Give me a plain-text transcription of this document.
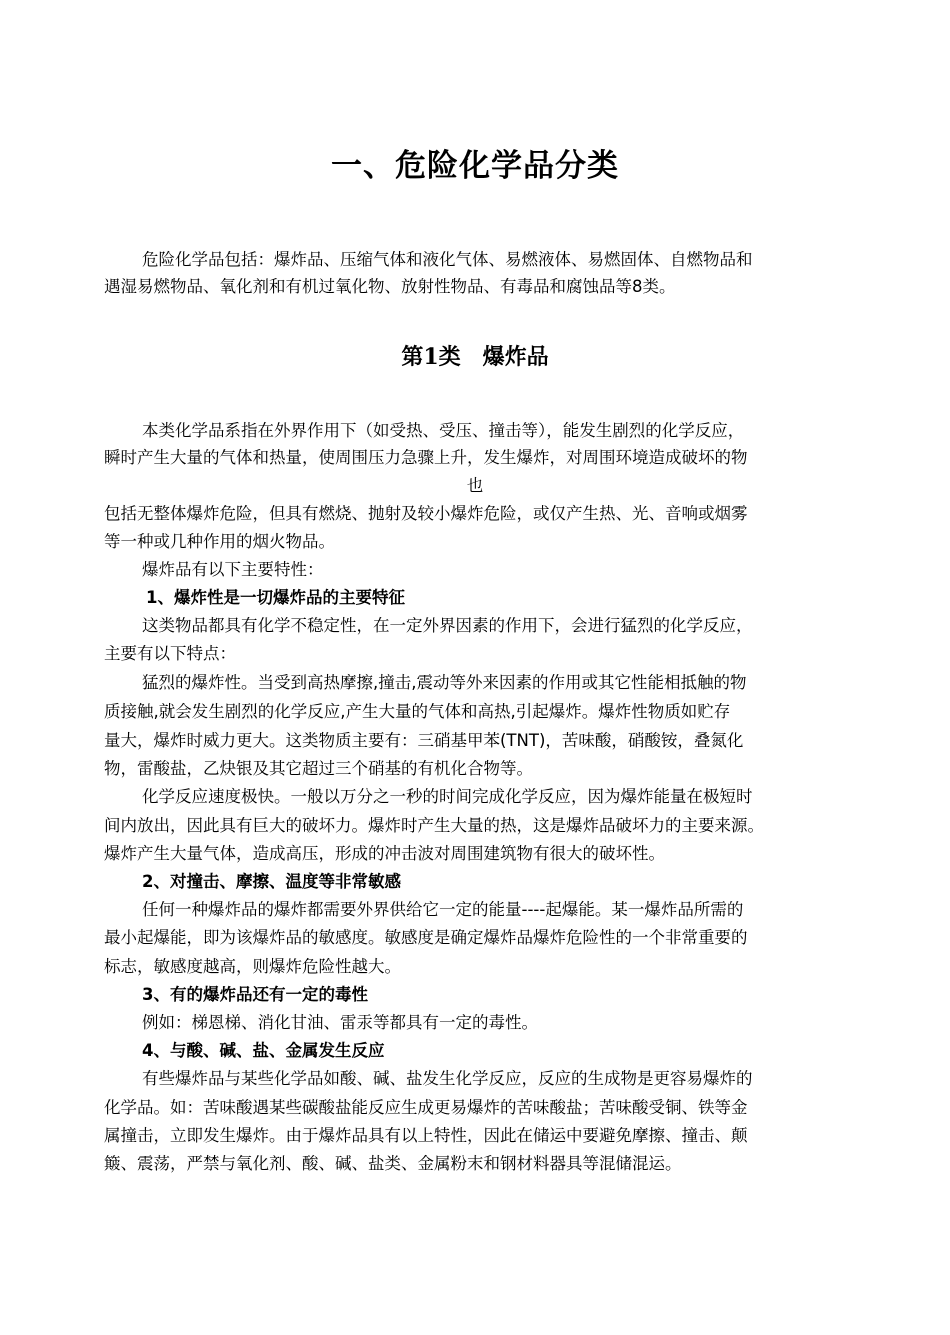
一、危险化学品分类
危险化学品包括：爆炸品、压缩气体和液化气体、易燃液体、易燃固体、自燃物品和
遇湿易燃物品、氧化剂和有机过氧化物、放射性物品、有毒品和腐蚀品等8类。
第1类　爆炸品
本类化学品系指在外界作用下（如受热、受压、撞击等），能发生剧烈的化学反应，
瞬时产生大量的气体和热量，使周围压力急骤上升，发生爆炸，对周围环境造成破坏的物
也
包括无整体爆炸危险，但具有燃烧、抛射及较小爆炸危险，或仅产生热、光、音响或烟雾
等一种或几种作用的烟火物品。
爆炸品有以下主要特性：
1、爆炸性是一切爆炸品的主要特征
这类物品都具有化学不稳定性，在一定外界因素的作用下，会进行猛烈的化学反应，
主要有以下特点：
猛烈的爆炸性。当受到高热摩擦,撞击,震动等外来因素的作用或其它性能相抵触的物
质接触,就会发生剧烈的化学反应,产生大量的气体和高热,引起爆炸。爆炸性物质如贮存
量大，爆炸时威力更大。这类物质主要有：三硝基甲苯(TNT)，苦味酸，硝酸铵，叠氮化
物，雷酸盐，乙炔银及其它超过三个硝基的有机化合物等。
化学反应速度极快。一般以万分之一秒的时间完成化学反应，因为爆炸能量在极短时
间内放出，因此具有巨大的破坏力。爆炸时产生大量的热，这是爆炸品破坏力的主要来源。
爆炸产生大量气体，造成高压，形成的冲击波对周围建筑物有很大的破坏性。
2、对撞击、摩擦、温度等非常敏感
任何一种爆炸品的爆炸都需要外界供给它一定的能量----起爆能。某一爆炸品所需的
最小起爆能，即为该爆炸品的敏感度。敏感度是确定爆炸品爆炸危险性的一个非常重要的
标志，敏感度越高，则爆炸危险性越大。
3、有的爆炸品还有一定的毒性
例如：梯恩梯、消化甘油、雷汞等都具有一定的毒性。
4、与酸、碱、盐、金属发生反应
有些爆炸品与某些化学品如酸、碱、盐发生化学反应，反应的生成物是更容易爆炸的
化学品。如：苦味酸遇某些碳酸盐能反应生成更易爆炸的苦味酸盐；苦味酸受铜、铁等金
属撞击，立即发生爆炸。由于爆炸品具有以上特性，因此在储运中要避免摩擦、撞击、颠
簸、震荡，严禁与氧化剂、酸、碱、盐类、金属粉末和钢材料器具等混储混运。
